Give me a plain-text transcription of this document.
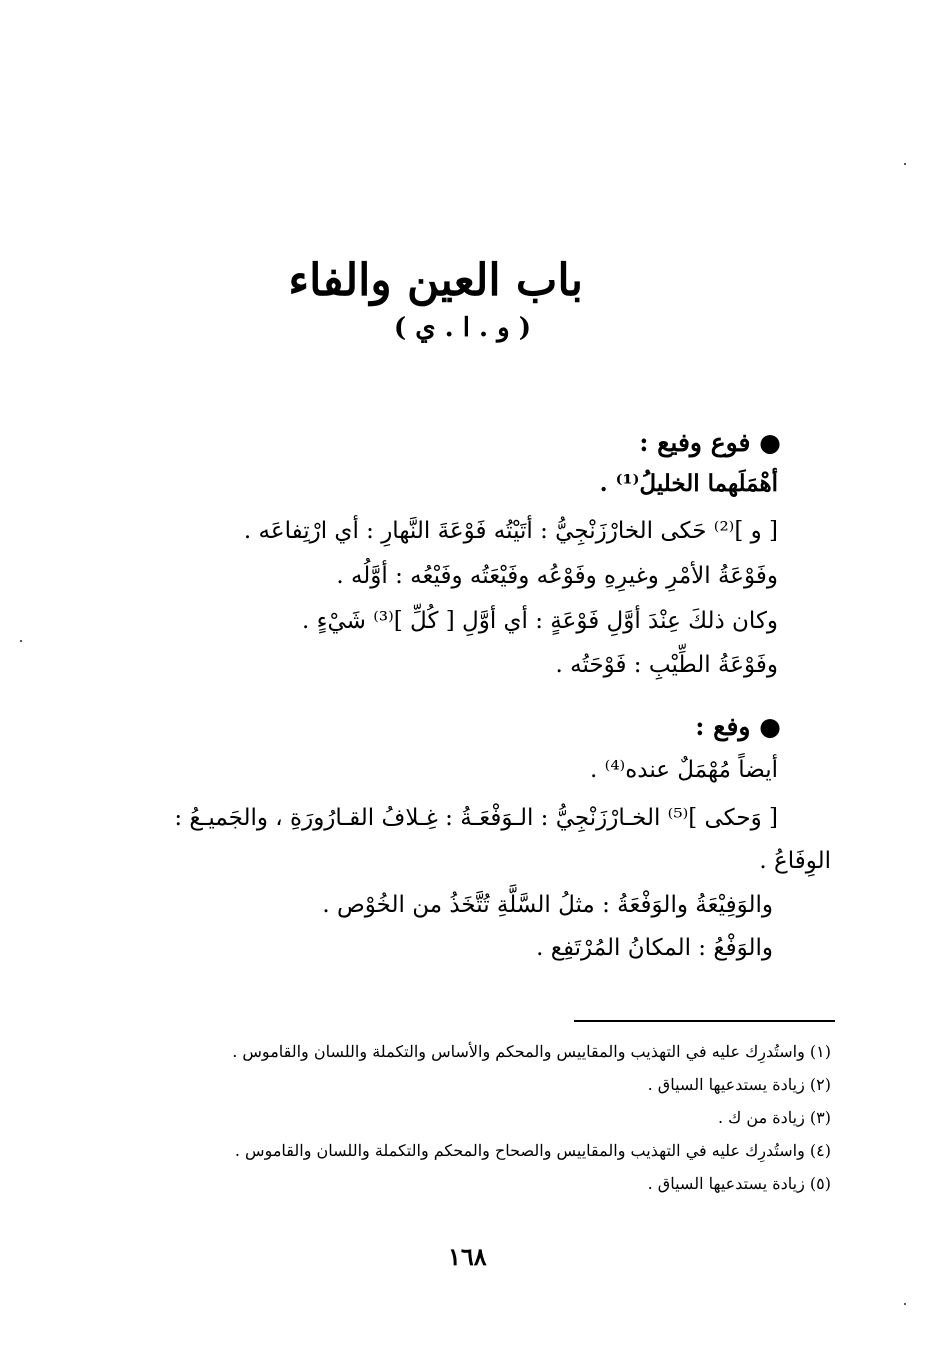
باب العين والفاء
( و . ا . ي )
● فوع وفيع :
أهْمَلَهما الخليلُ⁽¹⁾ .
[ و ]⁽²⁾ حَكى الخارْزَنْجِيُّ : أتَيْتُه فَوْعَةَ النَّهارِ : أي ارْتِفاعَه .
وفَوْعَةُ الأمْرِ وغيرِهِ وفَوْعُه وفَيْعَتُه وفَيْعُه : أوَّلُه .
وكان ذلكَ عِنْدَ أوَّلِ فَوْعَةٍ : أي أوَّلِ [ كُلِّ ]⁽³⁾ شَيْءٍ .
وفَوْعَةُ الطِّيْبِ : فَوْحَتُه .
● وفع :
أيضاً مُهْمَلٌ عنده⁽⁴⁾ .
[ وَحكى ]⁽⁵⁾ الخـارْزَنْجِيُّ : الـوَفْعَـةُ : غِـلافُ القـارُورَةِ ، والجَميـعُ :
الوِفَاعُ .
والوَفِيْعَةُ والوَفْعَةُ : مثلُ السَّلَّةِ تُتَّخَذُ من الخُوْص .
والوَفْعُ : المكانُ المُرْتَفِع .
(١) واستُدرِك عليه في التهذيب والمقاييس والمحكم والأساس والتكملة واللسان والقاموس .
(٢) زيادة يستدعيها السياق .
(٣) زيادة من ك .
(٤) واستُدرِك عليه في التهذيب والمقاييس والصحاح والمحكم والتكملة واللسان والقاموس .
(٥) زيادة يستدعيها السياق .
١٦٨
